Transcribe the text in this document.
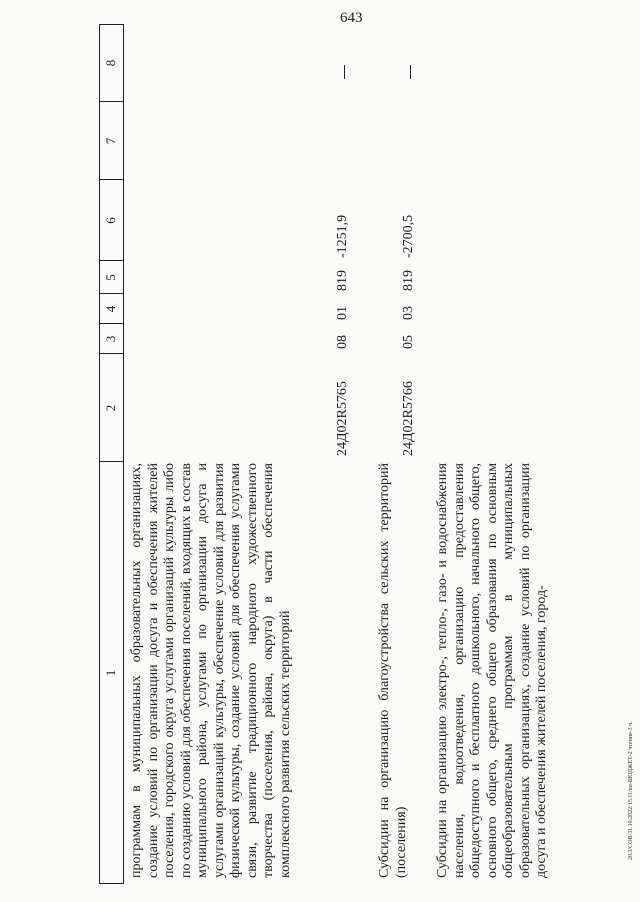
643
20.3/СОВ/31.10.2022/15.11/вн-БЮДЖЕТ-2 чтение-3 ч.
1
2
3
4
5
6
7
8
программам в муниципальных образовательных организациях, создание условий по организации досуга и обеспечения жителей поселения, городского округа услугами организаций культуры либо по созданию условий для обеспечения поселений, входящих в состав муниципального района, услугами по организации досуга и услугами организаций культуры, обеспечение условий для развития физической культуры, создание условий для обеспечения услугами связи, развитие традиционного народного художественного творчества (поселения, района, округа) в части обеспечения комплексного развития сельских территорий
24Д02R5765
08
01
819
-1251,9
Субсидии на организацию благоустройства сельских территорий (поселения)
24Д02R5766
05
03
819
-2700,5
Субсидии на организацию электро-, тепло-, газо- и водоснабжения населения, водоотведения, организацию предоставления общедоступного и бесплатного дошкольного, начального общего, основного общего, среднего общего образования по основным общеобразовательным программам в муниципальных образовательных организациях, создание условий по организации досуга и обеспечения жителей поселения, город-
